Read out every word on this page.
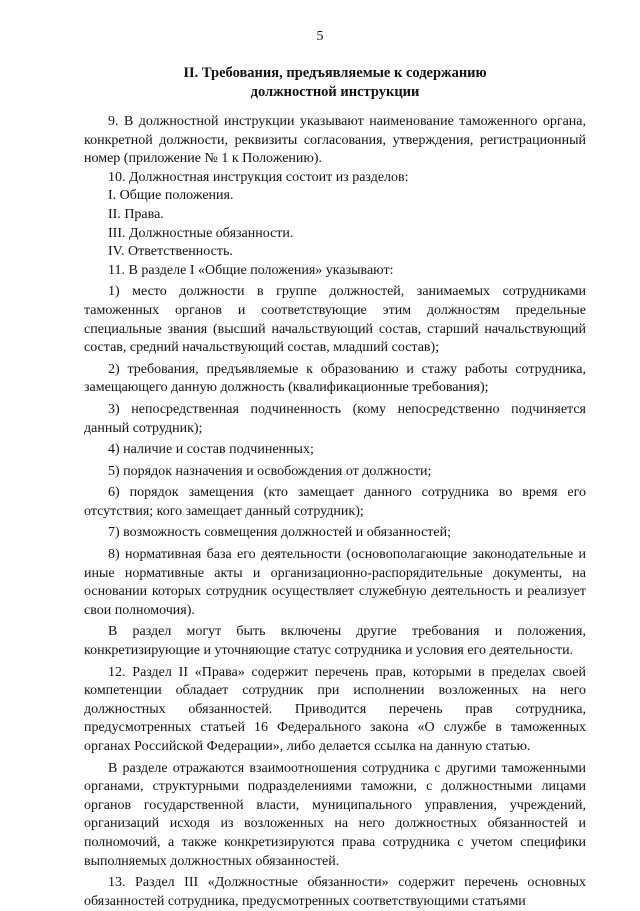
5
II. Требования, предъявляемые к содержанию
должностной инструкции

9. В должностной инструкции указывают наименование таможенного органа, конкретной должности, реквизиты согласования, утверждения, регистрационный номер (приложение № 1 к Положению).

10. Должностная инструкция состоит из разделов:

I. Общие положения.

II. Права.

III. Должностные обязанности.

IV. Ответственность.

11. В разделе I «Общие положения» указывают:

1) место должности в группе должностей, занимаемых сотрудниками таможенных органов и соответствующие этим должностям предельные специальные звания (высший начальствующий состав, старший начальствующий состав, средний начальствующий состав, младший состав);

2) требования, предъявляемые к образованию и стажу работы сотрудника, замещающего данную должность (квалификационные требования);

3) непосредственная подчиненность (кому непосредственно подчиняется данный сотрудник);

4) наличие и состав подчиненных;

5) порядок назначения и освобождения от должности;

6) порядок замещения (кто замещает данного сотрудника во время его отсутствия; кого замещает данный сотрудник);

7) возможность совмещения должностей и обязанностей;

8) нормативная база его деятельности (основополагающие законодательные и иные нормативные акты и организационно-распорядительные документы, на основании которых сотрудник осуществляет служебную деятельность и реализует свои полномочия).

В раздел могут быть включены другие требования и положения, конкретизирующие и уточняющие статус сотрудника и условия его деятельности.

12. Раздел II «Права» содержит перечень прав, которыми в пределах своей компетенции обладает сотрудник при исполнении возложенных на него должностных обязанностей. Приводится перечень прав сотрудника, предусмотренных статьей 16 Федерального закона «О службе в таможенных органах Российской Федерации», либо делается ссылка на данную статью.

В разделе отражаются взаимоотношения сотрудника с другими таможенными органами, структурными подразделениями таможни, с должностными лицами органов государственной власти, муниципального управления, учреждений, организаций исходя из возложенных на него должностных обязанностей и полномочий, а также конкретизируются права сотрудника с учетом специфики выполняемых должностных обязанностей.

13. Раздел III «Должностные обязанности» содержит перечень основных обязанностей сотрудника, предусмотренных соответствующими статьями
